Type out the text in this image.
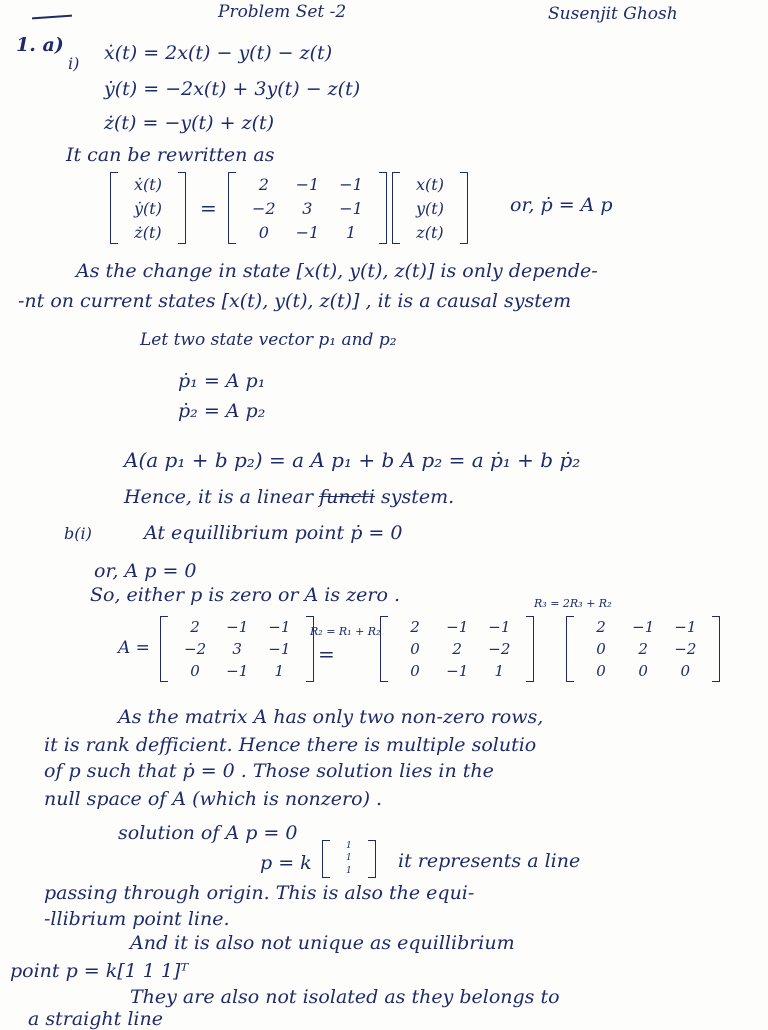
Problem Set -2	Susenjit Ghosh
1. a)
i) ẋ(t) = 2x(t) − y(t) − z(t)
ẏ(t) = −2x(t) + 3y(t) − z(t)
ż(t) = −y(t) + z(t)
It can be rewritten as
ẋ(t)
ẏ(t)
ż(t)
=
2	−1	−1
−2	3	−1
0	−1	1
x(t)
y(t)
z(t)
or, ṗ = A p
As the change in state [x(t), y(t), z(t)] is only depende-
-nt on current states [x(t), y(t), z(t)] , it is a causal system
Let two state vector p₁ and p₂
ṗ₁ = A p₁
ṗ₂ = A p₂
A(a p₁ + b p₂) = a A p₁ + b A p₂ = a ṗ₁ + b ṗ₂
Hence, it is a linear functi system.
b(i)	At equillibrium point ṗ = 0
or, A p = 0
So, either p is zero or A is zero .	R₃ = 2R₃ + R₂
A =
2	−1	−1
−2	3	−1
0	−1	1
R₂ = R₁ + R₂
=
2	−1	−1
0	2	−2
0	−1	1
2	−1	−1
0	2	−2
0	0	0
As the matrix A has only two non-zero rows,
it is rank defficient. Hence there is multiple solutio
of p such that ṗ = 0 . Those solution lies in the
null space of A (which is nonzero) .
solution of A p = 0
p = k
1
1
1	it represents a line
passing through origin. This is also the equi-
-llibrium point line.
And it is also not unique as equillibrium
point p = k[1 1 1]ᵀ
They are also not isolated as they belongs to
a straight line
